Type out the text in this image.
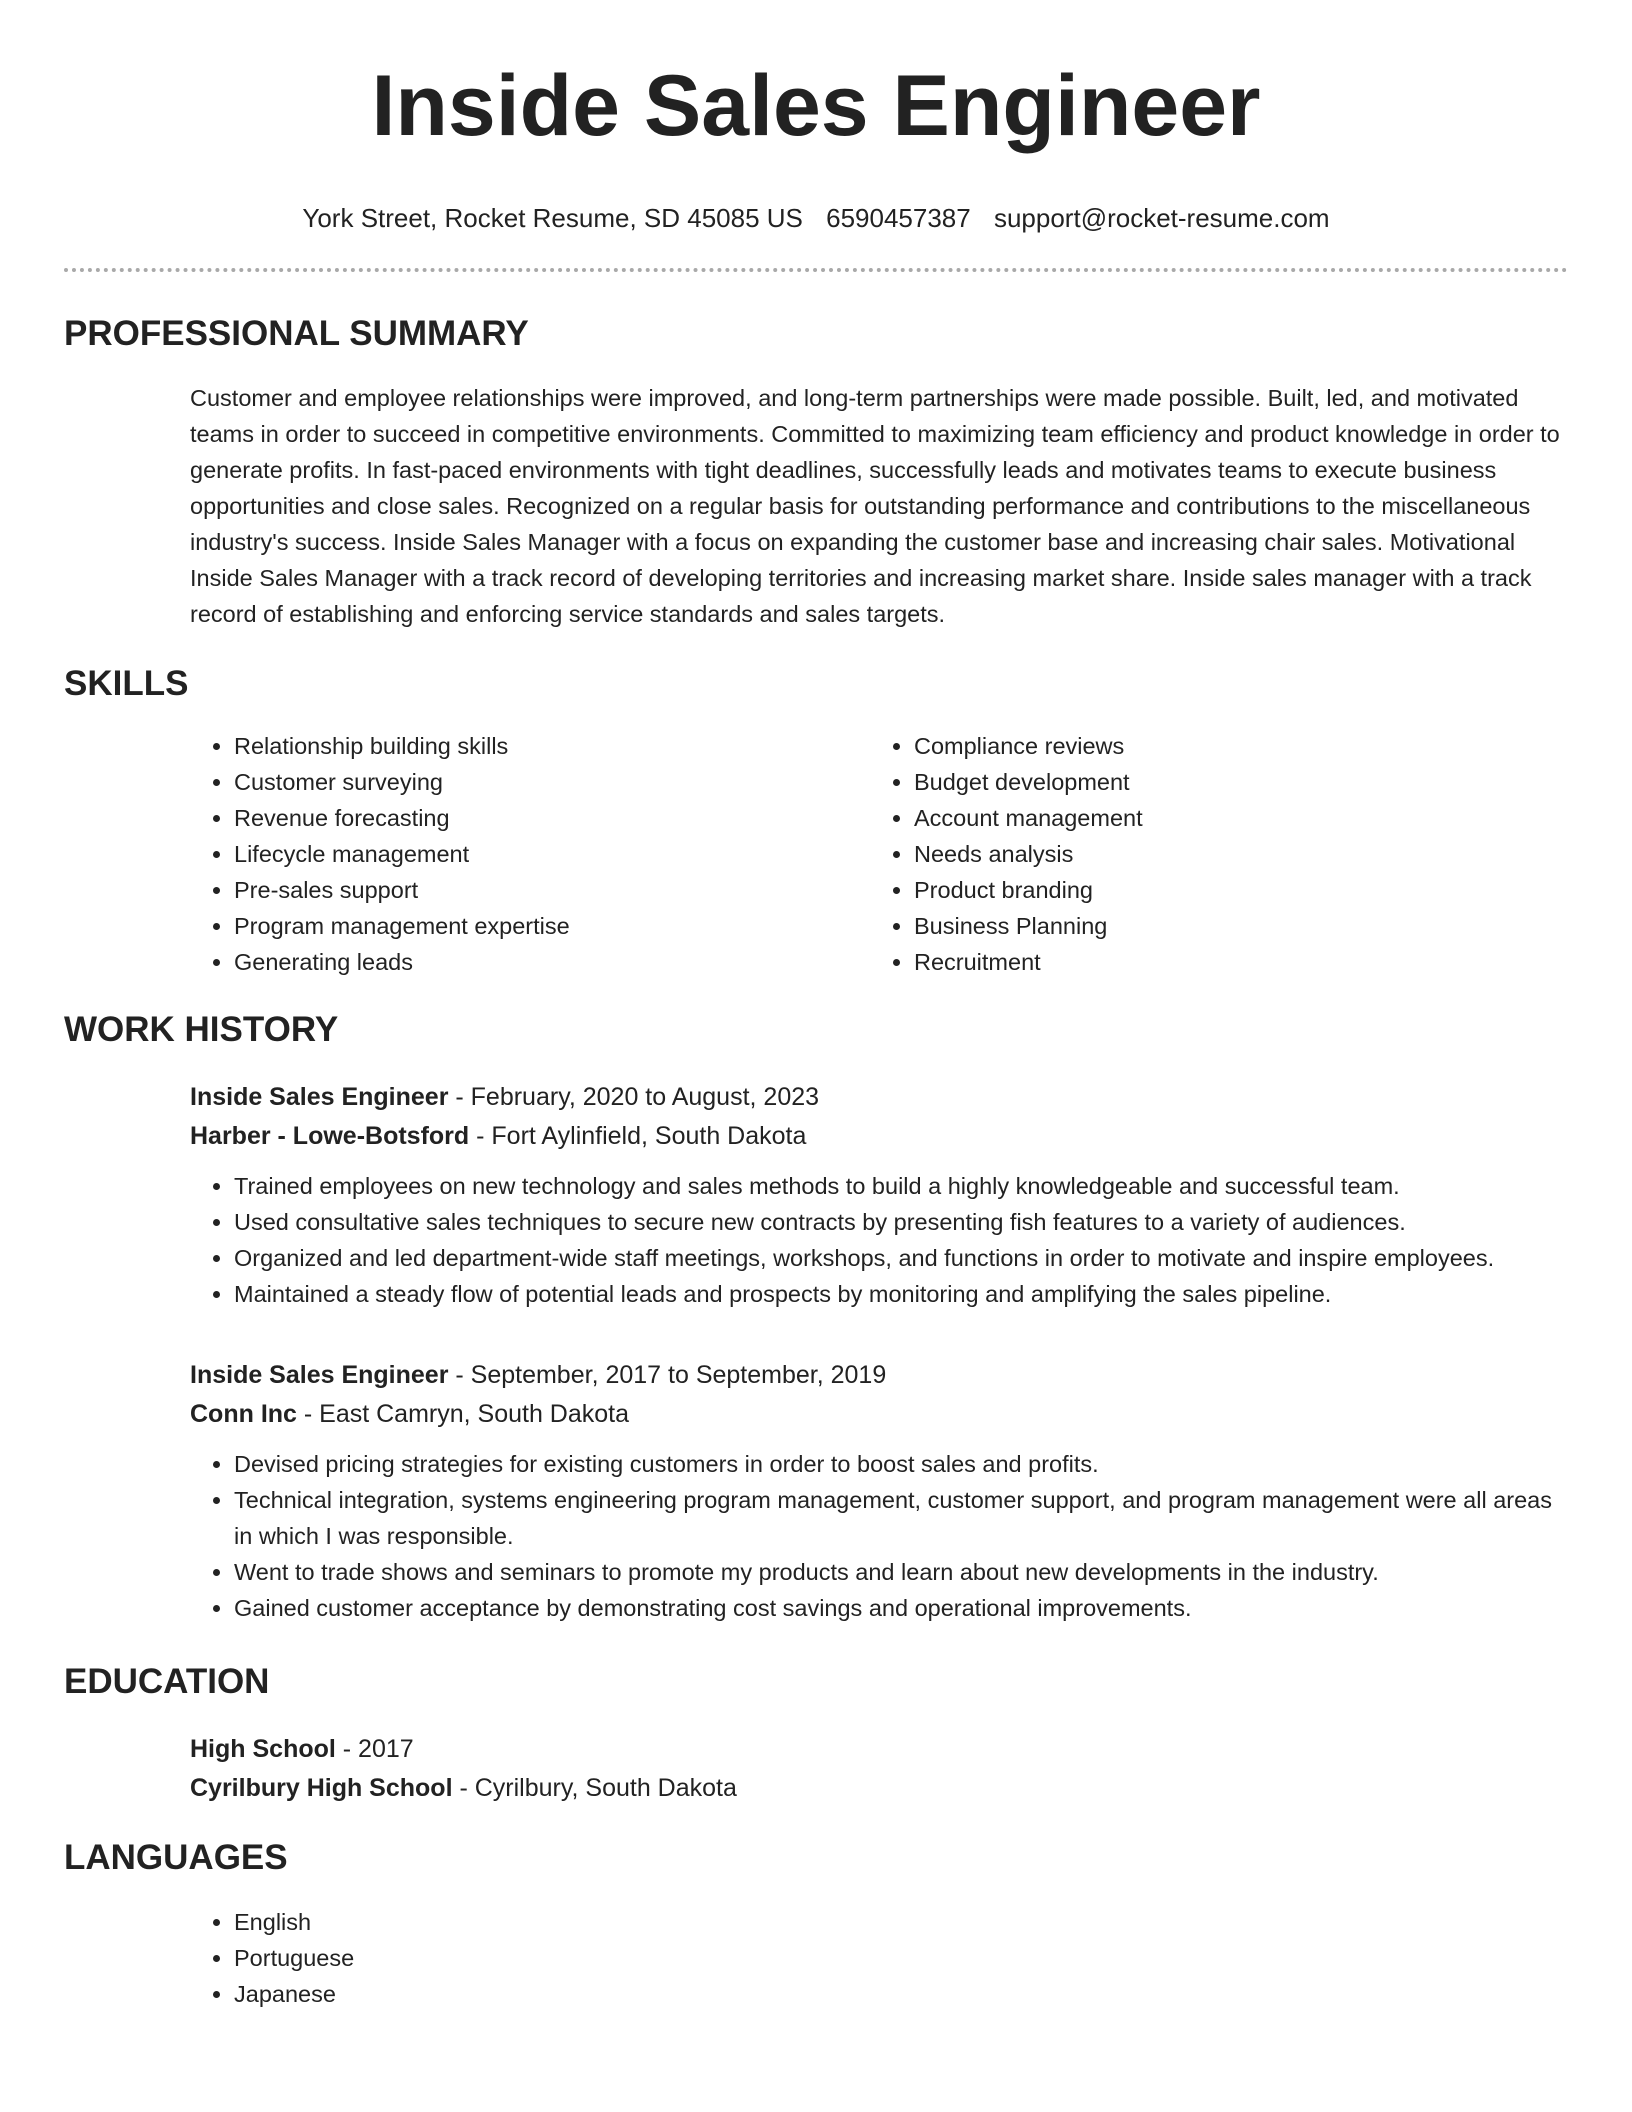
Inside Sales Engineer
York Street, Rocket Resume, SD 45085 US 6590457387 support@rocket-resume.com
PROFESSIONAL SUMMARY
Customer and employee relationships were improved, and long-term partnerships were made possible. Built, led, and motivated teams in order to succeed in competitive environments. Committed to maximizing team efficiency and product knowledge in order to generate profits. In fast-paced environments with tight deadlines, successfully leads and motivates teams to execute business opportunities and close sales. Recognized on a regular basis for outstanding performance and contributions to the miscellaneous industry's success. Inside Sales Manager with a focus on expanding the customer base and increasing chair sales. Motivational Inside Sales Manager with a track record of developing territories and increasing market share. Inside sales manager with a track record of establishing and enforcing service standards and sales targets.
SKILLS
• Relationship building skills
• Customer surveying
• Revenue forecasting
• Lifecycle management
• Pre-sales support
• Program management expertise
• Generating leads
• Compliance reviews
• Budget development
• Account management
• Needs analysis
• Product branding
• Business Planning
• Recruitment
WORK HISTORY
Inside Sales Engineer - February, 2020 to August, 2023
Harber - Lowe-Botsford - Fort Aylinfield, South Dakota
• Trained employees on new technology and sales methods to build a highly knowledgeable and successful team.
• Used consultative sales techniques to secure new contracts by presenting fish features to a variety of audiences.
• Organized and led department-wide staff meetings, workshops, and functions in order to motivate and inspire employees.
• Maintained a steady flow of potential leads and prospects by monitoring and amplifying the sales pipeline.
Inside Sales Engineer - September, 2017 to September, 2019
Conn Inc - East Camryn, South Dakota
• Devised pricing strategies for existing customers in order to boost sales and profits.
• Technical integration, systems engineering program management, customer support, and program management were all areas in which I was responsible.
• Went to trade shows and seminars to promote my products and learn about new developments in the industry.
• Gained customer acceptance by demonstrating cost savings and operational improvements.
EDUCATION
High School - 2017
Cyrilbury High School - Cyrilbury, South Dakota
LANGUAGES
• English
• Portuguese
• Japanese
